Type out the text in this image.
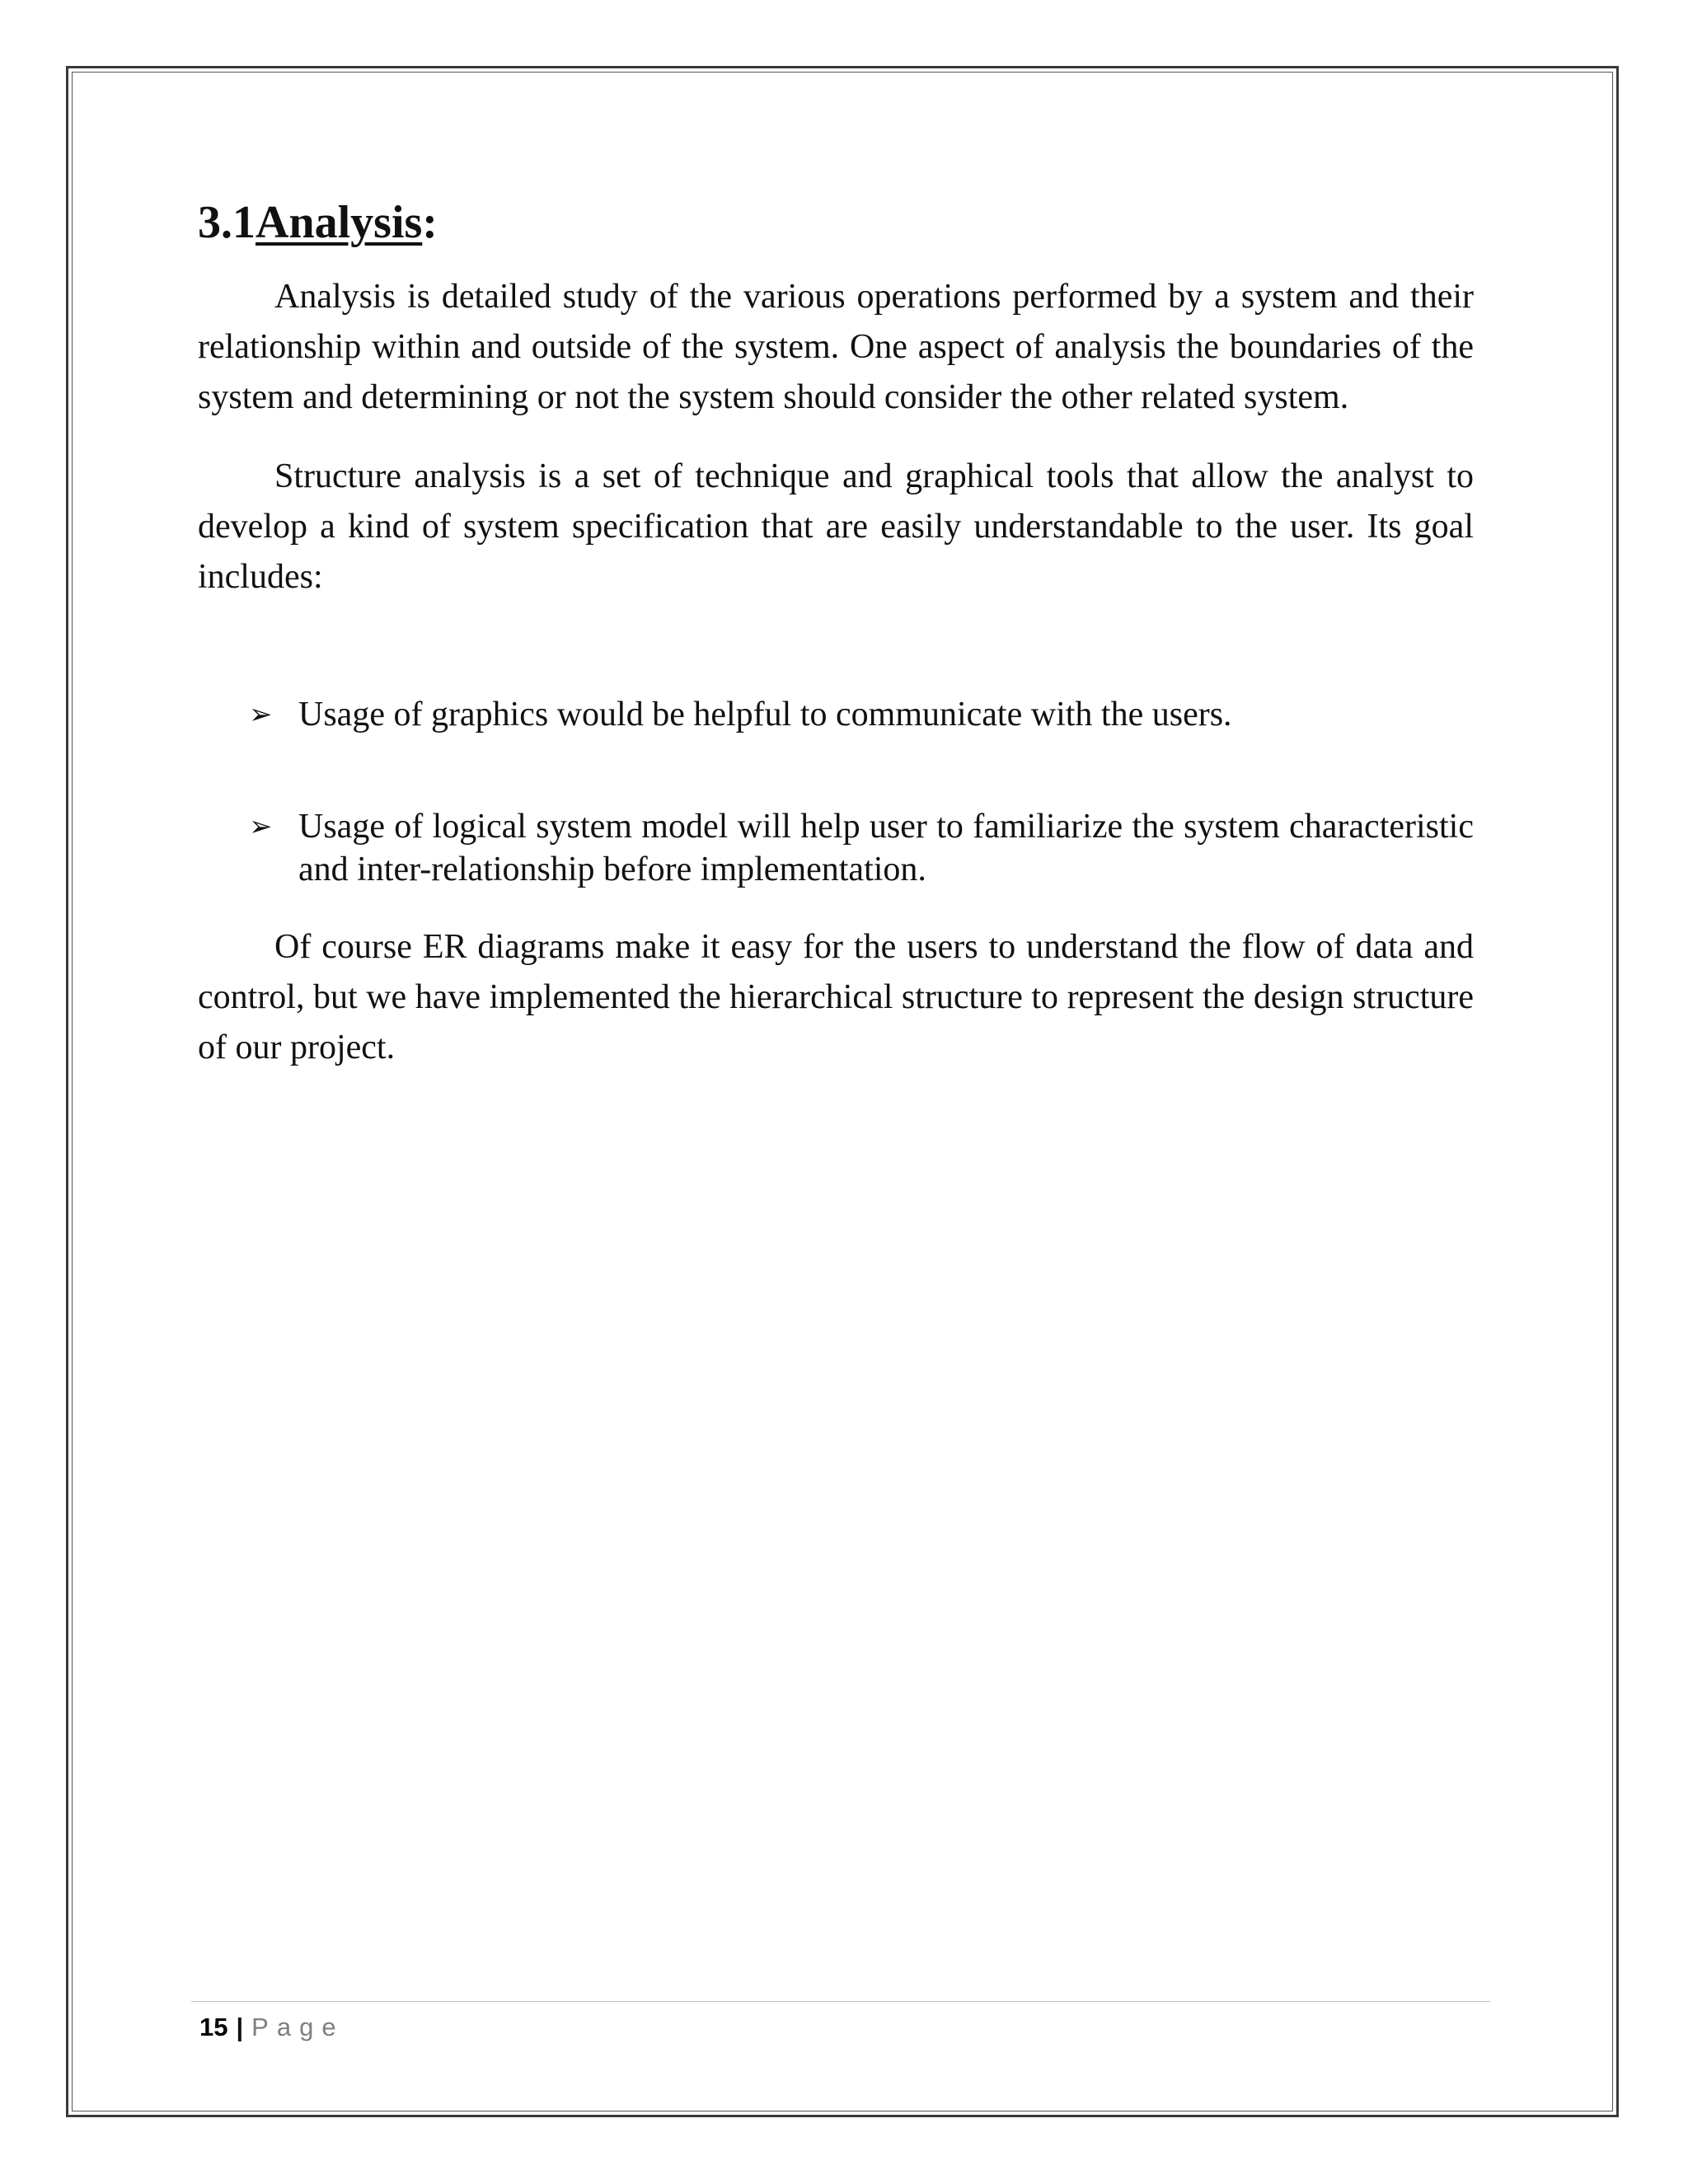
3.1Analysis:

Analysis is detailed study of the various operations performed by a system and their relationship within and outside of the system. One aspect of analysis the boundaries of the system and determining or not the system should consider the other related system.

Structure analysis is a set of technique and graphical tools that allow the analyst to develop a kind of system specification that are easily understandable to the user. Its goal includes:

➢ Usage of graphics would be helpful to communicate with the users.
➢ Usage of logical system model will help user to familiarize the system characteristic and inter-relationship before implementation.

Of course ER diagrams make it easy for the users to understand the flow of data and control, but we have implemented the hierarchical structure to represent the design structure of our project.

15 | Page
